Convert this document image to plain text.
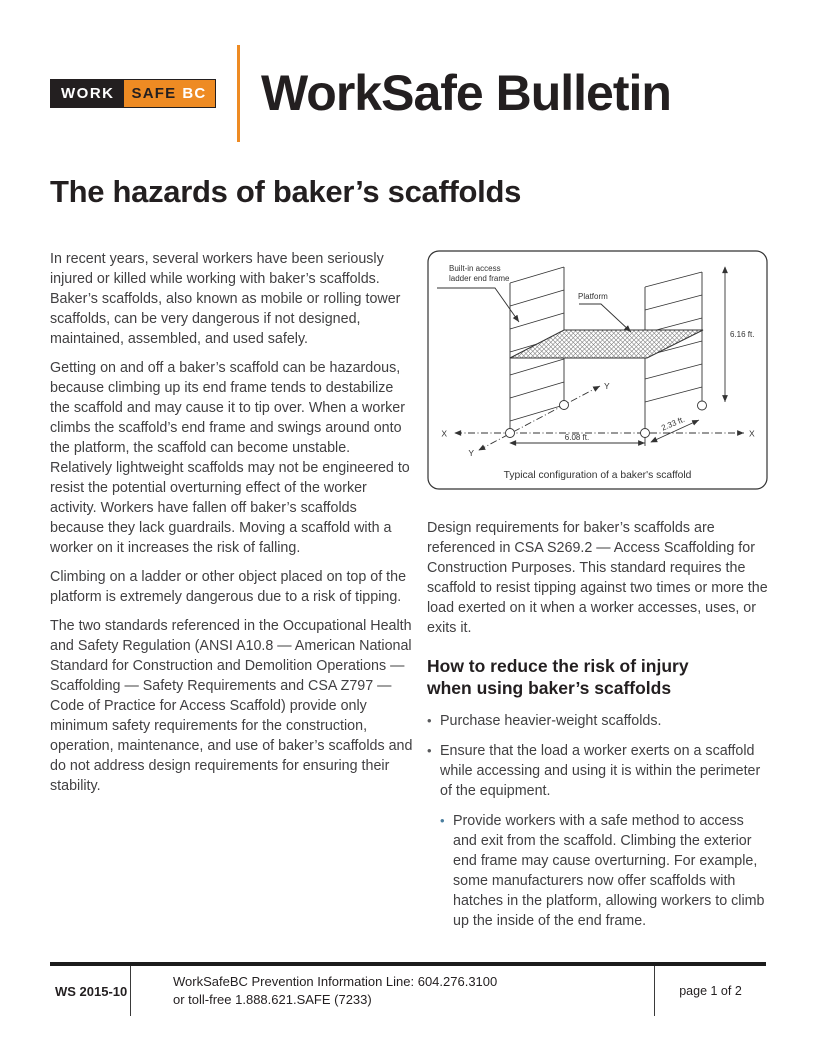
WORK	SAFE BC WorkSafe Bulletin
The hazards of baker’s scaffolds

In recent years, several workers have been seriously injured or killed while working with baker’s scaffolds. Baker’s scaffolds, also known as mobile or rolling tower scaffolds, can be very dangerous if not designed, maintained, assembled, and used safely.

Getting on and off a baker’s scaffold can be hazardous, because climbing up its end frame tends to destabilize the scaffold and may cause it to tip over. When a worker climbs the scaffold’s end frame and swings around onto the platform, the scaffold can become unstable. Relatively lightweight scaffolds may not be engineered to resist the potential overturning effect of the worker activity. Workers have fallen off baker’s scaffolds because they lack guardrails. Moving a scaffold with a worker on it increases the risk of falling.

Climbing on a ladder or other object placed on top of the platform is extremely dangerous due to a risk of tipping.

The two standards referenced in the Occupational Health and Safety Regulation (ANSI A10.8 — American National Standard for Construction and Demolition Operations — Scaffolding — Safety Requirements and CSA Z797 — Code of Practice for Access Scaffold) provide only minimum safety requirements for the construction, operation, maintenance, and use of baker’s scaffolds and do not address design requirements for ensuring their stability.

Built-in access
ladder end frame
Platform
6.16 ft.
6.08 ft.
2.33 ft.
X	X
Y
Y
Typical configuration of a baker's scaffold

Design requirements for baker’s scaffolds are referenced in CSA S269.2 — Access Scaffolding for Construction Purposes. This standard requires the scaffold to resist tipping against two times or more the load exerted on it when a worker accesses, uses, or exits it.

How to reduce the risk of injury when using baker’s scaffolds
• Purchase heavier-weight scaffolds.
• Ensure that the load a worker exerts on a scaffold while accessing and using it is within the perimeter of the equipment.
• Provide workers with a safe method to access and exit from the scaffold. Climbing the exterior end frame may cause overturning. For example, some manufacturers now offer scaffolds with hatches in the platform, allowing workers to climb up the inside of the end frame.
WS 2015-10
WorkSafeBC Prevention Information Line: 604.276.3100
or toll-free 1.888.621.SAFE (7233)
page 1 of 2
